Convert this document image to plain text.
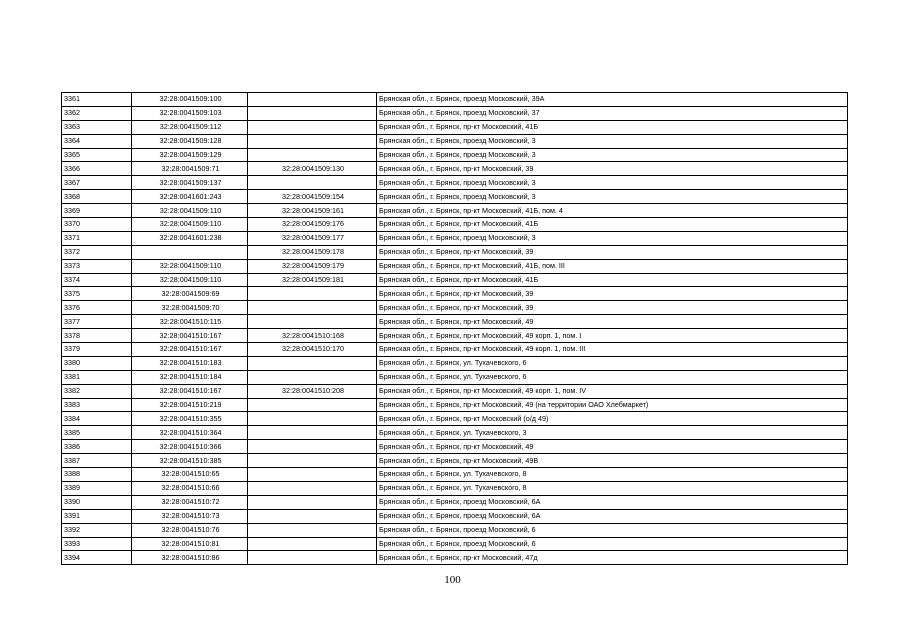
3361	32:28:0041509:100		Брянская обл., г. Брянск, проезд Московский, 39А
3362	32:28:0041509:103		Брянская обл., г. Брянск, проезд Московский, 37
3363	32:28:0041509:112		Брянская обл., г. Брянск, пр-кт Московский, 41Б
3364	32:28:0041509:128		Брянская обл., г. Брянск, проезд Московский, 3
3365	32:28:0041509:129		Брянская обл., г. Брянск, проезд Московский, 3
3366	32:28:0041509:71	32:28:0041509:130	Брянская обл., г. Брянск, пр-кт Московский, 39
3367	32:28:0041509:137		Брянская обл., г. Брянск, проезд Московский, 3
3368	32:28:0041601:243	32:28:0041509:154	Брянская обл., г. Брянск, проезд Московский, 3
3369	32:28:0041509:110	32:28:0041509:161	Брянская обл., г. Брянск, пр-кт Московский, 41Б, пом. 4
3370	32:28:0041509:110	32:28:0041509:176	Брянская обл., г. Брянск, пр-кт Московский, 41Б
3371	32:28:0041601:238	32:28:0041509:177	Брянская обл., г. Брянск, проезд Московский, 3
3372		32:28:0041509:178	Брянская обл., г. Брянск, пр-кт Московский, 39
3373	32:28:0041509:110	32:28:0041509:179	Брянская обл., г. Брянск, пр-кт Московский, 41Б, пом. III
3374	32:28:0041509:110	32:28:0041509:181	Брянская обл., г. Брянск, пр-кт Московский, 41Б
3375	32:28:0041509:69		Брянская обл., г. Брянск, пр-кт Московский, 39
3376	32:28:0041509:70		Брянская обл., г. Брянск, пр-кт Московский, 39
3377	32:28:0041510:115		Брянская обл., г. Брянск, пр-кт Московский, 49
3378	32:28:0041510:167	32:28:0041510:168	Брянская обл., г. Брянск, пр-кт Московский, 49 корп. 1, пом. I
3379	32:28:0041510:167	32:28:0041510:170	Брянская обл., г. Брянск, пр-кт Московский, 49 корп. 1, пом. III
3380	32:28:0041510:183		Брянская обл., г. Брянск, ул. Тухачевского, 6
3381	32:28:0041510:184		Брянская обл., г. Брянск, ул. Тухачевского, 6
3382	32:28:0041510:167	32:28:0041510:208	Брянская обл., г. Брянск, пр-кт Московский, 49 корп. 1, пом. IV
3383	32:28:0041510:219		Брянская обл., г. Брянск, пр-кт Московский, 49 (на территории ОАО Хлебмаркет)
3384	32:28:0041510:355		Брянская обл., г. Брянск, пр-кт Московский (о/д 49)
3385	32:28:0041510:364		Брянская обл., г. Брянск, ул. Тухачевского, 3
3386	32:28:0041510:366		Брянская обл., г. Брянск, пр-кт Московский, 49
3387	32:28:0041510:385		Брянская обл., г. Брянск, пр-кт Московский, 49В
3388	32:28:0041510:65		Брянская обл., г. Брянск, ул. Тухачевского, 8
3389	32:28:0041510:66		Брянская обл., г. Брянск, ул. Тухачевского, 8
3390	32:28:0041510:72		Брянская обл., г. Брянск, проезд Московский, 6А
3391	32:28:0041510:73		Брянская обл., г. Брянск, проезд Московский, 6А
3392	32:28:0041510:76		Брянская обл., г. Брянск, проезд Московский, 6
3393	32:28:0041510:81		Брянская обл., г. Брянск, проезд Московский, 6
3394	32:28:0041510:86		Брянская обл., г. Брянск, пр-кт Московский, 47д
100
